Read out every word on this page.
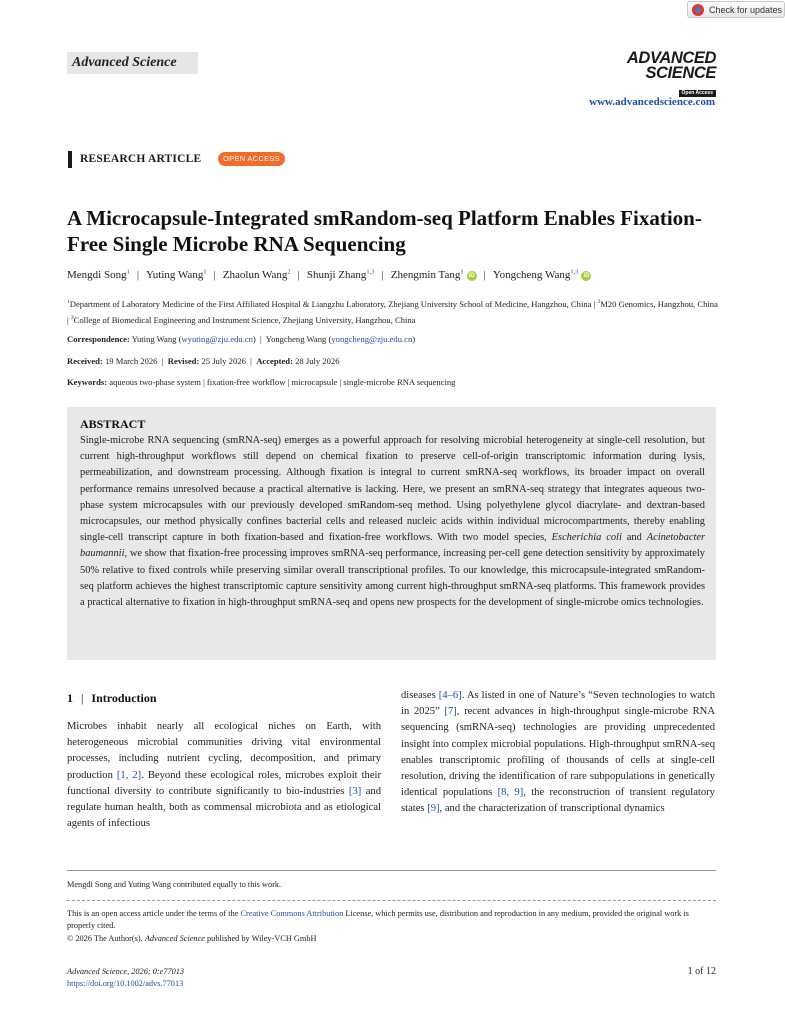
Check for updates
Advanced Science	ADVANCED
SCIENCE
Open Access
www.advancedscience.com
RESEARCH ARTICLE	OPEN ACCESS
A Microcapsule-Integrated smRandom-seq Platform Enables Fixation-Free Single Microbe RNA Sequencing
Mengdi Song$^1$ | Yuting Wang$^1$ | Zhaolun Wang$^2$ | Shunji Zhang$^{1,3}$ | Zhengmin Tang$^1$iD | Yongcheng Wang$^{1,3}$iD
$^1$Department of Laboratory Medicine of the First Affiliated Hospital & Liangzhu Laboratory, Zhejiang University School of Medicine, Hangzhou, China | $^2$M20 Genomics, Hangzhou, China | $^3$College of Biomedical Engineering and Instrument Science, Zhejiang University, Hangzhou, China
Correspondence: Yuting Wang (wyuting@zju.edu.cn)  |  Yongcheng Wang (yongcheng@zju.edu.cn)
Received: 19 March 2026  |  Revised: 25 July 2026  |  Accepted: 28 July 2026
Keywords: aqueous two-phase system | fixation-free workflow | microcapsule | single-microbe RNA sequencing
ABSTRACT
Single-microbe RNA sequencing (smRNA-seq) emerges as a powerful approach for resolving microbial heterogeneity at single-cell resolution, but current high-throughput workflows still depend on chemical fixation to preserve cell-of-origin transcriptomic information during lysis, permeabilization, and downstream processing. Although fixation is integral to current smRNA-seq workflows, its broader impact on overall performance remains unresolved because a practical alternative is lacking. Here, we present an smRNA-seq strategy that integrates aqueous two-phase system microcapsules with our previously developed smRandom-seq method. Using polyethylene glycol diacrylate- and dextran-based microcapsules, our method physically confines bacterial cells and released nucleic acids within individual microcompartments, thereby enabling single-cell transcript capture in both fixation-based and fixation-free workflows. With two model species, Escherichia coli and Acinetobacter baumannii, we show that fixation-free processing improves smRNA-seq performance, increasing per-cell gene detection sensitivity by approximately 50% relative to fixed controls while preserving similar overall transcriptional profiles. To our knowledge, this microcapsule-integrated smRandom-seq platform achieves the highest transcriptomic capture sensitivity among current high-throughput smRNA-seq platforms. This framework provides a practical alternative to fixation in high-throughput smRNA-seq and opens new prospects for the development of single-microbe omics technologies.
1 | Introduction
Microbes inhabit nearly all ecological niches on Earth, with heterogeneous microbial communities driving vital environmental processes, including nutrient cycling, decomposition, and primary production [1, 2]. Beyond these ecological roles, microbes exploit their functional diversity to contribute significantly to bio-industries [3] and regulate human health, both as commensal microbiota and as etiological agents of infectious
diseases [4–6]. As listed in one of Nature’s “Seven technologies to watch in 2025” [7], recent advances in high-throughput single-microbe RNA sequencing (smRNA-seq) technologies are providing unprecedented insight into complex microbial populations. High-throughput smRNA-seq enables transcriptomic profiling of thousands of cells at single-cell resolution, driving the identification of rare subpopulations in genetically identical populations [8, 9], the reconstruction of transient regulatory states [9], and the characterization of transcriptional dynamics
Mengdi Song and Yuting Wang contributed equally to this work.
This is an open access article under the terms of the Creative Commons Attribution License, which permits use, distribution and reproduction in any medium, provided the original work is properly cited.
© 2026 The Author(s). Advanced Science published by Wiley-VCH GmbH
Advanced Science, 2026; 0:e77013
https://doi.org/10.1002/advs.77013
1 of 12
